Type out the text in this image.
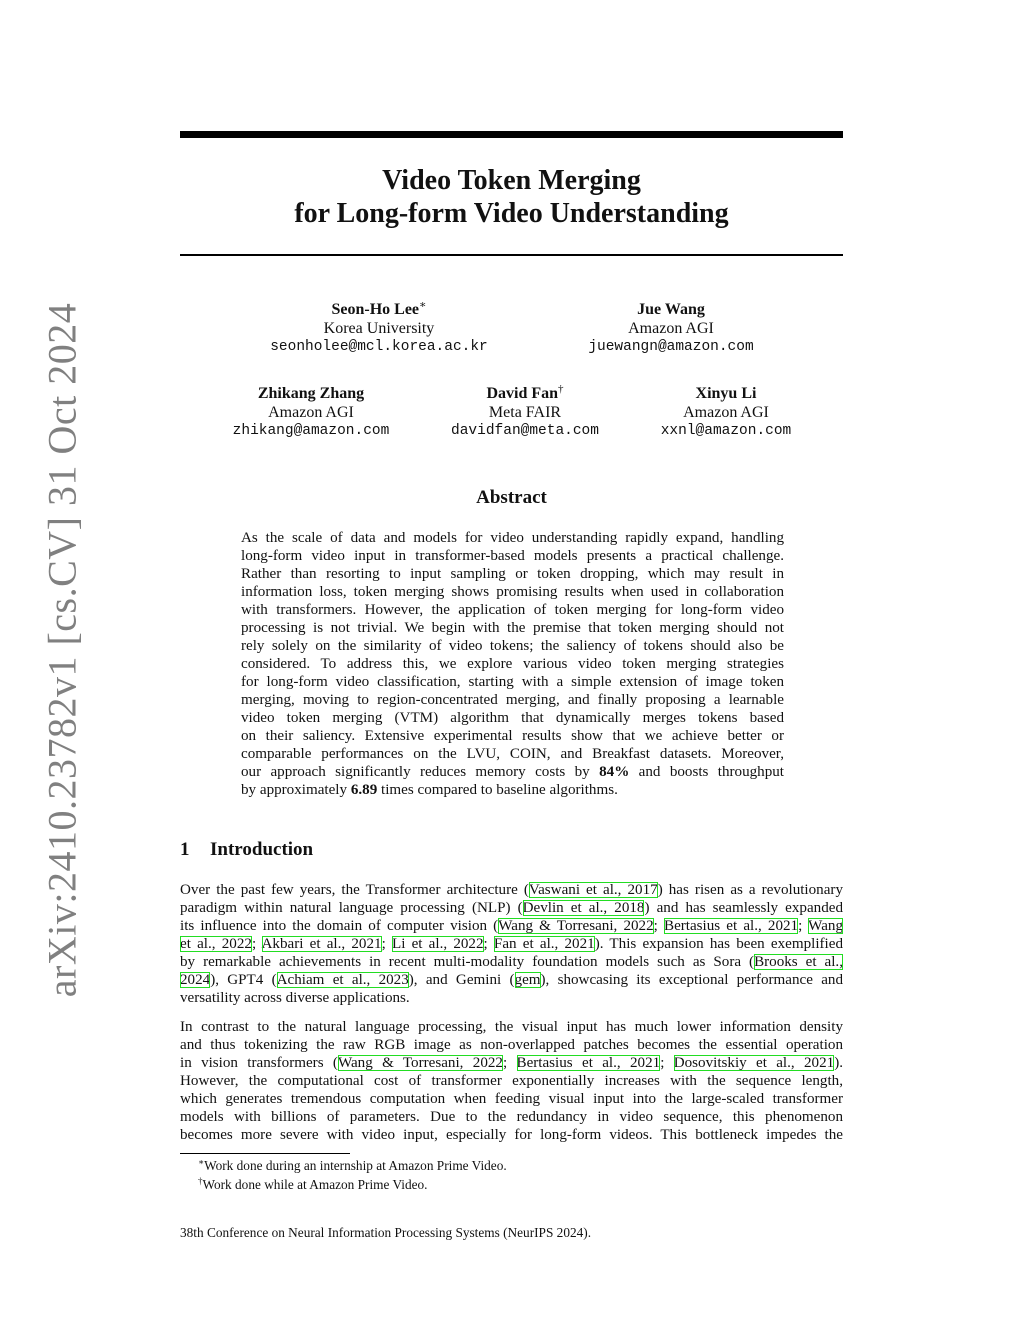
arXiv:2410.23782v1 [cs.CV] 31 Oct 2024
Video Token Merging
for Long-form Video Understanding
Seon-Ho Lee∗
Korea University
seonholee@mcl.korea.ac.kr
Jue Wang
Amazon AGI
juewangn@amazon.com
Zhikang Zhang
Amazon AGI
zhikang@amazon.com
David Fan†
Meta FAIR
davidfan@meta.com
Xinyu Li
Amazon AGI
xxnl@amazon.com
Abstract
As the scale of data and models for video understanding rapidly expand, handling
long-form video input in transformer-based models presents a practical challenge.
Rather than resorting to input sampling or token dropping, which may result in
information loss, token merging shows promising results when used in collaboration
with transformers. However, the application of token merging for long-form video
processing is not trivial. We begin with the premise that token merging should not
rely solely on the similarity of video tokens; the saliency of tokens should also be
considered. To address this, we explore various video token merging strategies
for long-form video classification, starting with a simple extension of image token
merging, moving to region-concentrated merging, and finally proposing a learnable
video token merging (VTM) algorithm that dynamically merges tokens based
on their saliency. Extensive experimental results show that we achieve better or
comparable performances on the LVU, COIN, and Breakfast datasets. Moreover,
our approach significantly reduces memory costs by 84% and boosts throughput
by approximately 6.89 times compared to baseline algorithms.
1 Introduction
Over the past few years, the Transformer architecture (Vaswani et al., 2017) has risen as a revolutionary
paradigm within natural language processing (NLP) (Devlin et al., 2018) and has seamlessly expanded
its influence into the domain of computer vision (Wang & Torresani, 2022; Bertasius et al., 2021; Wang
et al., 2022; Akbari et al., 2021; Li et al., 2022; Fan et al., 2021). This expansion has been exemplified
by remarkable achievements in recent multi-modality foundation models such as Sora (Brooks et al.,
2024), GPT4 (Achiam et al., 2023), and Gemini (gem), showcasing its exceptional performance and
versatility across diverse applications.
In contrast to the natural language processing, the visual input has much lower information density
and thus tokenizing the raw RGB image as non-overlapped patches becomes the essential operation
in vision transformers (Wang & Torresani, 2022; Bertasius et al., 2021; Dosovitskiy et al., 2021).
However, the computational cost of transformer exponentially increases with the sequence length,
which generates tremendous computation when feeding visual input into the large-scaled transformer
models with billions of parameters. Due to the redundancy in video sequence, this phenomenon
becomes more severe with video input, especially for long-form videos. This bottleneck impedes the
∗Work done during an internship at Amazon Prime Video.
†Work done while at Amazon Prime Video.
38th Conference on Neural Information Processing Systems (NeurIPS 2024).
